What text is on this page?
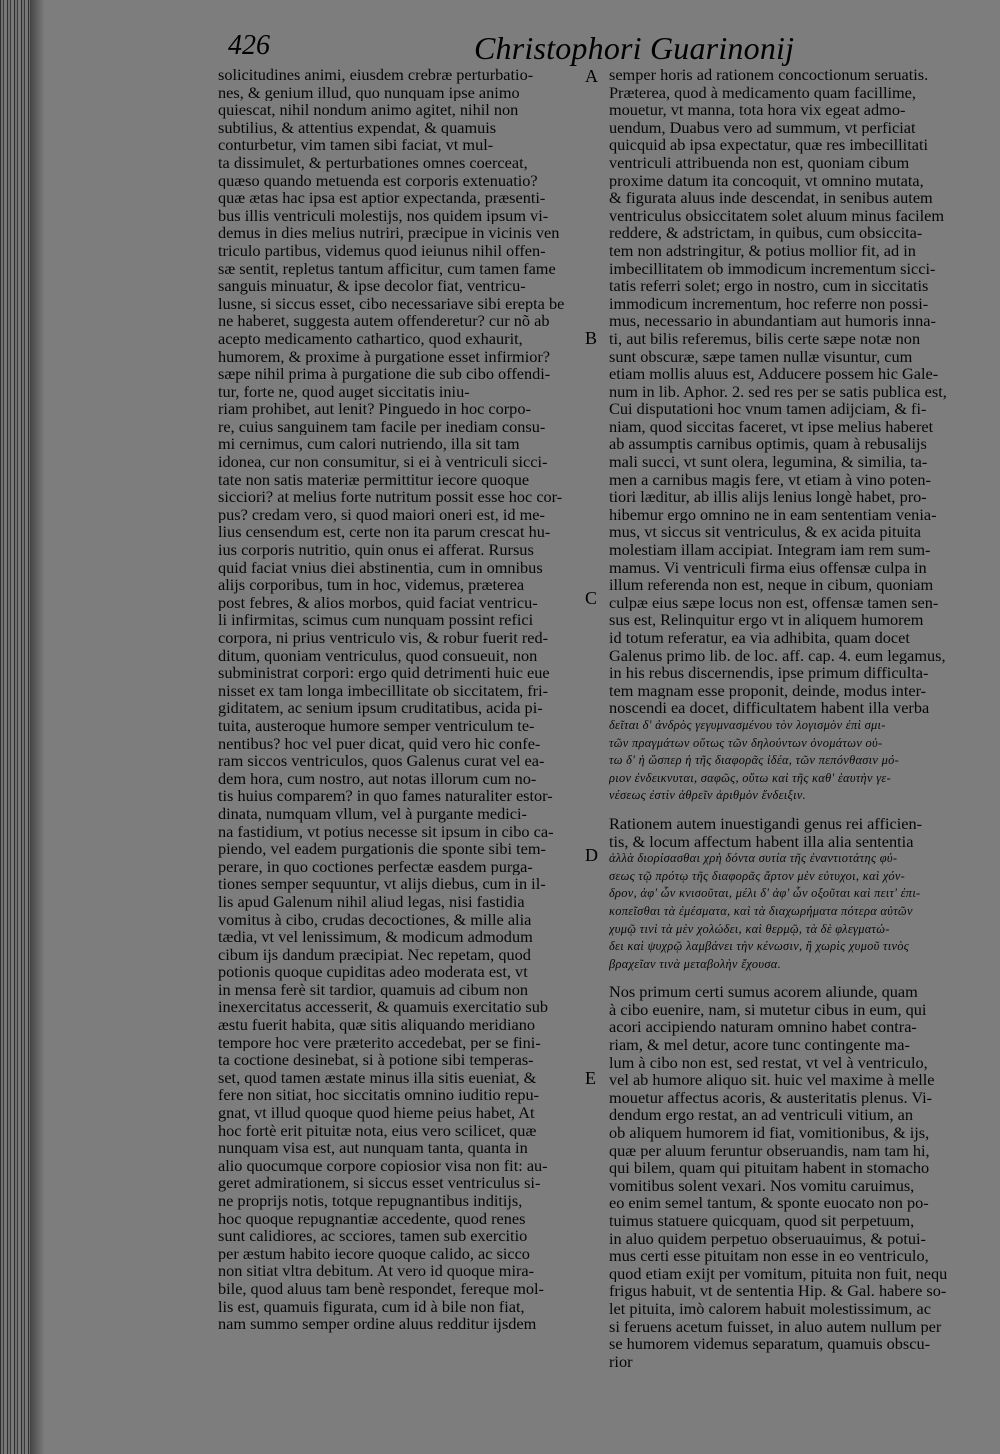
426	Christophori Guarinonij
solicitudines animi, eiusdem crebræ perturbatio-
nes, & genium illud, quo nunquam ipse animo
quiescat, nihil nondum animo agitet, nihil non
subtilius, & attentius expendat, & quamuis
conturbetur, vim tamen sibi faciat, vt mul-
ta dissimulet, & perturbationes omnes coerceat,
quæso quando metuenda est corporis extenuatio?
quæ ætas hac ipsa est aptior expectanda, præsenti-
bus illis ventriculi molestijs, nos quidem ipsum vi-
demus in dies melius nutriri, præcipue in vicinis ven
triculo partibus, videmus quod ieiunus nihil offen-
sæ sentit, repletus tantum afficitur, cum tamen fame
sanguis minuatur, & ipse decolor fiat, ventricu-
lusne, si siccus esset, cibo necessariave sibi erepta be
ne haberet, suggesta autem offenderetur? cur nõ ab
acepto medicamento cathartico, quod exhaurit,
humorem, & proxime à purgatione esset infirmior?
sæpe nihil prima à purgatione die sub cibo offendi-
tur, forte ne, quod auget siccitatis iniu-
riam prohibet, aut lenit? Pinguedo in hoc corpo-
re, cuius sanguinem tam facile per inediam consu-
mi cernimus, cum calori nutriendo, illa sit tam
idonea, cur non consumitur, si ei à ventriculi sicci-
tate non satis materiæ permittitur iecore quoque
sicciori? at melius forte nutritum possit esse hoc cor-
pus? credam vero, si quod maiori oneri est, id me-
lius censendum est, certe non ita parum crescat hu-
ius corporis nutritio, quin onus ei afferat. Rursus
quid faciat vnius diei abstinentia, cum in omnibus
alijs corporibus, tum in hoc, videmus, præterea
post febres, & alios morbos, quid faciat ventricu-
li infirmitas, scimus cum nunquam possint refici
corpora, ni prius ventriculo vis, & robur fuerit red-
ditum, quoniam ventriculus, quod consueuit, non
subministrat corpori: ergo quid detrimenti huic eue
nisset ex tam longa imbecillitate ob siccitatem, fri-
giditatem, ac senium ipsum cruditatibus, acida pi-
tuita, austeroque humore semper ventriculum te-
nentibus? hoc vel puer dicat, quid vero hic confe-
ram siccos ventriculos, quos Galenus curat vel ea-
dem hora, cum nostro, aut notas illorum cum no-
tis huius comparem? in quo fames naturaliter estor-
dinata, numquam vllum, vel à purgante medici-
na fastidium, vt potius necesse sit ipsum in cibo ca-
piendo, vel eadem purgationis die sponte sibi tem-
perare, in quo coctiones perfectæ easdem purga-
tiones semper sequuntur, vt alijs diebus, cum in il-
lis apud Galenum nihil aliud legas, nisi fastidia
vomitus à cibo, crudas decoctiones, & mille alia
tædia, vt vel lenissimum, & modicum admodum
cibum ijs dandum præcipiat. Nec repetam, quod
potionis quoque cupiditas adeo moderata est, vt
in mensa ferè sit tardior, quamuis ad cibum non
inexercitatus accesserit, & quamuis exercitatio sub
æstu fuerit habita, quæ sitis aliquando meridiano
tempore hoc vere præterito accedebat, per se fini-
ta coctione desinebat, si à potione sibi temperas-
set, quod tamen æstate minus illa sitis eueniat, &
fere non sitiat, hoc siccitatis omnino iuditio repu-
gnat, vt illud quoque quod hieme peius habet, At
hoc fortè erit pituitæ nota, eius vero scilicet, quæ
nunquam visa est, aut nunquam tanta, quanta in
alio quocumque corpore copiosior visa non fit: au-
geret admirationem, si siccus esset ventriculus si-
ne proprijs notis, totque repugnantibus inditijs,
hoc quoque repugnantiæ accedente, quod renes
sunt calidiores, ac scciores, tamen sub exercitio
per æstum habito iecore quoque calido, ac sicco
non sitiat vltra debitum. At vero id quoque mira-
bile, quod aluus tam benè respondet, fereque mol-
lis est, quamuis figurata, cum id à bile non fiat,
nam summo semper ordine aluus redditur ijsdem
semper horis ad rationem concoctionum seruatis.
Præterea, quod à medicamento quam facillime,
mouetur, vt manna, tota hora vix egeat admo-
uendum, Duabus vero ad summum, vt perficiat
quicquid ab ipsa expectatur, quæ res imbecillitati
ventriculi attribuenda non est, quoniam cibum
proxime datum ita concoquit, vt omnino mutata,
& figurata aluus inde descendat, in senibus autem
ventriculus obsiccitatem solet aluum minus facilem
reddere, & adstrictam, in quibus, cum obsiccita-
tem non adstringitur, & potius mollior fit, ad in
imbecillitatem ob immodicum incrementum sicci-
tatis referri solet; ergo in nostro, cum in siccitatis
immodicum incrementum, hoc referre non possi-
mus, necessario in abundantiam aut humoris inna-
ti, aut bilis referemus, bilis certe sæpe notæ non
sunt obscuræ, sæpe tamen nullæ visuntur, cum
etiam mollis aluus est, Adducere possem hic Gale-
num in lib. Aphor. 2. sed res per se satis publica est,
Cui disputationi hoc vnum tamen adijciam, & fi-
niam, quod siccitas faceret, vt ipse melius haberet
ab assumptis carnibus optimis, quam à rebusalijs
mali succi, vt sunt olera, legumina, & similia, ta-
men a carnibus magis fere, vt etiam à vino poten-
tiori læditur, ab illis alijs lenius longè habet, pro-
hibemur ergo omnino ne in eam sententiam venia-
mus, vt siccus sit ventriculus, & ex acida pituita
molestiam illam accipiat. Integram iam rem sum-
mamus. Vi ventriculi firma eius offensæ culpa in
illum referenda non est, neque in cibum, quoniam
culpæ eius sæpe locus non est, offensæ tamen sen-
sus est, Relinquitur ergo vt in aliquem humorem
id totum referatur, ea via adhibita, quam docet
Galenus primo lib. de loc. aff. cap. 4. eum legamus,
in his rebus discernendis, ipse primum difficulta-
tem magnam esse proponit, deinde, modus inter-
noscendi ea docet, difficultatem habent illa verba
δεῖται δ' ἀνδρὸς γεγυμνασμένου τὸν λογισμὸν ἐπὶ σμι-
τῶν πραγμάτων οὕτως τῶν δηλούντων ὀνομάτων οὐ-
τω δ' ἡ ὥσπερ ἡ τῆς διαφορᾶς ἰδέα, τῶν πεπόνθασιν μό-
ριον ἐνδεικνυται, σαφῶς, οὕτω καὶ τῆς καθ' ἑαυτὴν γε-
νέσεως ἐστὶν ἀθρεῖν ἀριθμὸν ἔνδειξιν.
Rationem autem inuestigandi genus rei afficien-
tis, & locum affectum habent illa alia sententia
ἀλλὰ διορίσασθαι χρὴ δόντα συτία τῆς ἐναντιοτάτης φύ-
σεως τῷ πρότῳ τῆς διαφορᾶς ἄρτον μὲν εὐτυχοι, καὶ χόν-
δρον, ἀφ' ὧν κνισοῦται, μέλι δ' ἀφ' ὧν οξοῦται καὶ πειτ' ἐπι-
κοπεῖσθαι τὰ ἐμέσματα, καὶ τὰ διαχωρήματα πότερα αὐτῶν
χυμῷ τινὶ τὰ μὲν χολώδει, καὶ θερμῷ, τὰ δὲ φλεγματώ-
δει καὶ ψυχρῷ λαμβάνει τὴν κένωσιν, ἢ χωρὶς χυμοῦ τινὸς
βραχεῖαν τινὰ μεταβολὴν ἔχουσα.
Nos primum certi sumus acorem aliunde, quam
à cibo euenire, nam, si mutetur cibus in eum, qui
acori accipiendo naturam omnino habet contra-
riam, & mel detur, acore tunc contingente ma-
lum à cibo non est, sed restat, vt vel à ventriculo,
vel ab humore aliquo sit. huic vel maxime à melle
mouetur affectus acoris, & austeritatis plenus. Vi-
dendum ergo restat, an ad ventriculi vitium, an
ob aliquem humorem id fiat, vomitionibus, & ijs,
quæ per aluum feruntur obseruandis, nam tam hi,
qui bilem, quam qui pituitam habent in stomacho
vomitibus solent vexari. Nos vomitu caruimus,
eo enim semel tantum, & sponte euocato non po-
tuimus statuere quicquam, quod sit perpetuum,
in aluo quidem perpetuo obseruauimus, & potui-
mus certi esse pituitam non esse in eo ventriculo,
quod etiam exijt per vomitum, pituita non fuit, nequ
frigus habuit, vt de sententia Hip. & Gal. habere so-
let pituita, imò calorem habuit molestissimum, ac
si feruens acetum fuisset, in aluo autem nullum per
se humorem videmus separatum, quamuis obscu-
rior
A
B
C
D
E
